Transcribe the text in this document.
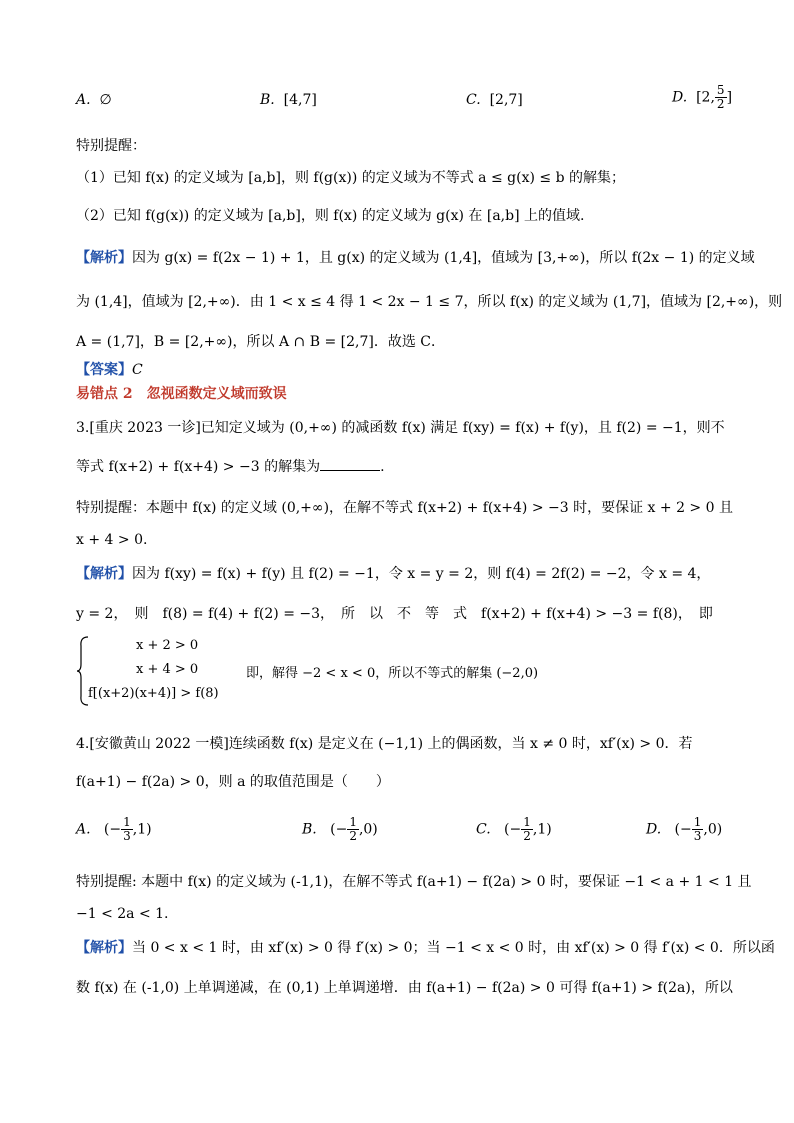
A. ∅	B. [4,7]	C. [2,7]	D. [2, $\frac{5}{2}$ ]
特别提醒：
（1）已知 f(x) 的定义域为 [a,b]，则 f(g(x)) 的定义域为不等式 a ≤ g(x) ≤ b 的解集；
（2）已知 f(g(x)) 的定义域为 [a,b]，则 f(x) 的定义域为 g(x) 在 [a,b] 上的值域.
【解析】因为 g(x) = f(2x − 1) + 1，且 g(x) 的定义域为 (1,4]，值域为 [3,+∞)，所以 f(2x − 1) 的定义域
为 (1,4]，值域为 [2,+∞)．由 1 < x ≤ 4 得 1 < 2x − 1 ≤ 7，所以 f(x) 的定义域为 (1,7]，值域为 [2,+∞)，则
A = (1,7]，B = [2,+∞)，所以 A ∩ B = [2,7]．故选 C．
【答案】C
易错点 2　忽视函数定义域而致误
3.[重庆 2023 一诊]已知定义域为 (0,+∞) 的减函数 f(x) 满足 f(xy) = f(x) + f(y)，且 f(2) = −1，则不
等式 f(x+2) + f(x+4) > −3 的解集为	.
特别提醒：本题中 f(x) 的定义域 (0,+∞)，在解不等式 f(x+2) + f(x+4) > −3 时，要保证 x + 2 > 0 且
x + 4 > 0.
【解析】因为 f(xy) = f(x) + f(y) 且 f(2) = −1，令 x = y = 2，则 f(4) = 2f(2) = −2，令 x = 4，
y = 2，　则　f(8) = f(4) + f(2) = −3，　所　以　不　等　式　f(x+2) + f(x+4) > −3 = f(8)，　即
x + 2 > 0
x + 4 > 0
f[(x+2)(x+4)] > f(8)
即，解得 −2 < x < 0，所以不等式的解集 (−2,0)
4.[安徽黄山 2022 一模]连续函数 f(x) 是定义在 (−1,1) 上的偶函数，当 x ≠ 0 时，xf′(x) > 0．若
f(a+1) − f(2a) > 0，则 a 的取值范围是（　　）
A. (− $\frac{1}{3} ,1$)	B. (− $\frac{1}{2} ,0$)	C. (− $\frac{1}{2} ,1$)	D. (− $\frac{1}{3} ,0$)
特别提醒: 本题中 f(x) 的定义域为 (-1,1)，在解不等式 f(a+1) − f(2a) > 0 时，要保证 −1 < a + 1 < 1 且
−1 < 2a < 1.
【解析】当 0 < x < 1 时，由 xf′(x) > 0 得 f′(x) > 0；当 −1 < x < 0 时，由 xf′(x) > 0 得 f′(x) < 0．所以函
数 f(x) 在 (-1,0) 上单调递减，在 (0,1) 上单调递增．由 f(a+1) − f(2a) > 0 可得 f(a+1) > f(2a)，所以
